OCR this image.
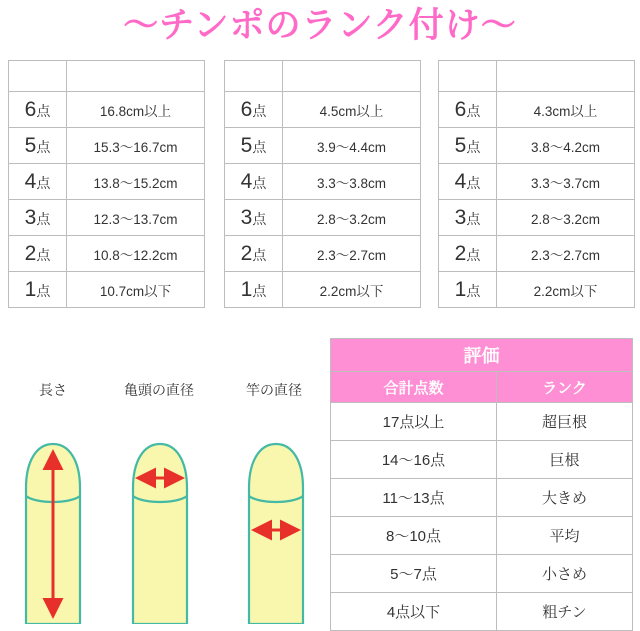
〜チンポのランク付け〜
点数	長さ
6点	16.8cm以上
5点	15.3〜16.7cm
4点	13.8〜15.2cm
3点	12.3〜13.7cm
2点	10.8〜12.2cm
1点	10.7cm以下
点数	亀頭の直径
6点	4.5cm以上
5点	3.9〜4.4cm
4点	3.3〜3.8cm
3点	2.8〜3.2cm
2点	2.3〜2.7cm
1点	2.2cm以下
点数	竿の直径
6点	4.3cm以上
5点	3.8〜4.2cm
4点	3.3〜3.7cm
3点	2.8〜3.2cm
2点	2.3〜2.7cm
1点	2.2cm以下
評価	
合計点数	ランク
17点以上	超巨根
14〜16点	巨根
11〜13点	大きめ
8〜10点	平均
5〜7点	小さめ
4点以下	粗チン
長さ	亀頭の直径	竿の直径
